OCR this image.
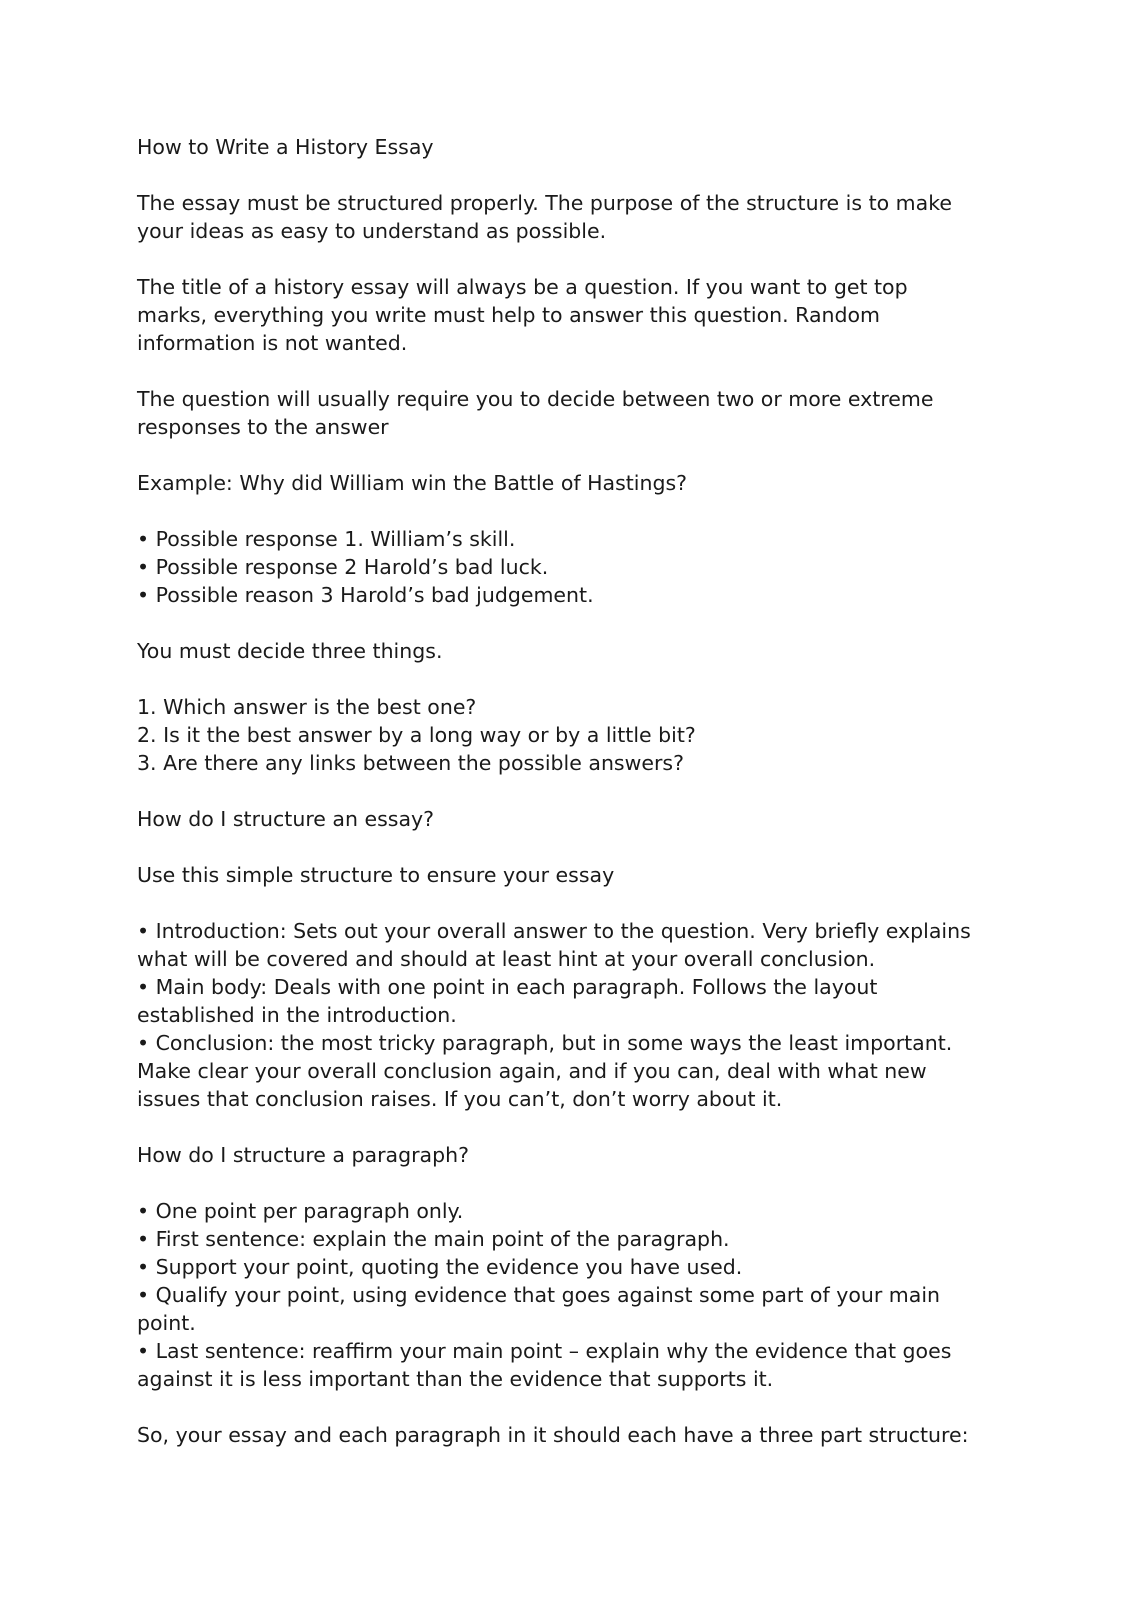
How to Write a History Essay
The essay must be structured properly. The purpose of the structure is to make
your ideas as easy to understand as possible.
The title of a history essay will always be a question. If you want to get top
marks, everything you write must help to answer this question. Random
information is not wanted.
The question will usually require you to decide between two or more extreme
responses to the answer
Example: Why did William win the Battle of Hastings?
• Possible response 1. William’s skill.
• Possible response 2 Harold’s bad luck.
• Possible reason 3 Harold’s bad judgement.
You must decide three things.
1. Which answer is the best one?
2. Is it the best answer by a long way or by a little bit?
3. Are there any links between the possible answers?
How do I structure an essay?
Use this simple structure to ensure your essay
• Introduction: Sets out your overall answer to the question. Very briefly explains
what will be covered and should at least hint at your overall conclusion.
• Main body: Deals with one point in each paragraph. Follows the layout
established in the introduction.
• Conclusion: the most tricky paragraph, but in some ways the least important.
Make clear your overall conclusion again, and if you can, deal with what new
issues that conclusion raises. If you can’t, don’t worry about it.
How do I structure a paragraph?
• One point per paragraph only.
• First sentence: explain the main point of the paragraph.
• Support your point, quoting the evidence you have used.
• Qualify your point, using evidence that goes against some part of your main
point.
• Last sentence: reaffirm your main point – explain why the evidence that goes
against it is less important than the evidence that supports it.
So, your essay and each paragraph in it should each have a three part structure:
